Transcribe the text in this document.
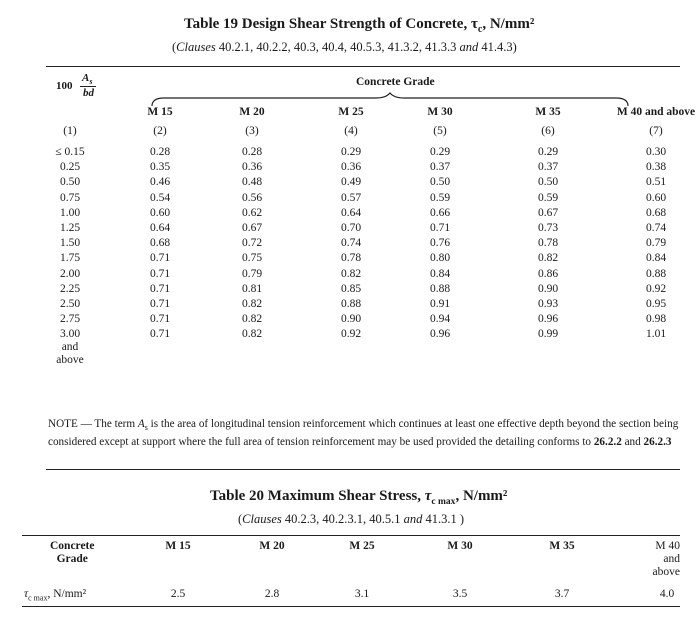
Table 19 Design Shear Strength of Concrete, $\tau_c$, N/mm²
(Clauses 40.2.1, 40.2.2, 40.3, 40.4, 40.5.3, 41.3.2, 41.3.3 and 41.4.3)
100
$A_s$
bd
Concrete Grade
M 15	M 20	M 25	M 30	M 35	M 40 and above
(1)	(2)	(3)	(4)	(5)	(6)	(7)
≤ 0.15	0.28	0.28	0.29	0.29	0.29	0.30
0.25	0.35	0.36	0.36	0.37	0.37	0.38
0.50	0.46	0.48	0.49	0.50	0.50	0.51
0.75	0.54	0.56	0.57	0.59	0.59	0.60
1.00	0.60	0.62	0.64	0.66	0.67	0.68
1.25	0.64	0.67	0.70	0.71	0.73	0.74
1.50	0.68	0.72	0.74	0.76	0.78	0.79
1.75	0.71	0.75	0.78	0.80	0.82	0.84
2.00	0.71	0.79	0.82	0.84	0.86	0.88
2.25	0.71	0.81	0.85	0.88	0.90	0.92
2.50	0.71	0.82	0.88	0.91	0.93	0.95
2.75	0.71	0.82	0.90	0.94	0.96	0.98
3.00	0.71	0.82	0.92	0.96	0.99	1.01
and
above
NOTE — The term $A_s$ is the area of longitudinal tension reinforcement which continues at least one effective depth beyond the section being considered except at support where the full area of tension reinforcement may be used provided the detailing conforms to 26.2.2 and 26.2.3
Table 20 Maximum Shear Stress, $\tau_{c max}$, N/mm²
(Clauses 40.2.3, 40.2.3.1, 40.5.1 and 41.3.1 )
Concrete
Grade
M 15	M 20	M 25	M 30	M 35	M 40
and
above
$\tau_{c max}$, N/mm²	2.5	2.8	3.1	3.5	3.7	4.0
